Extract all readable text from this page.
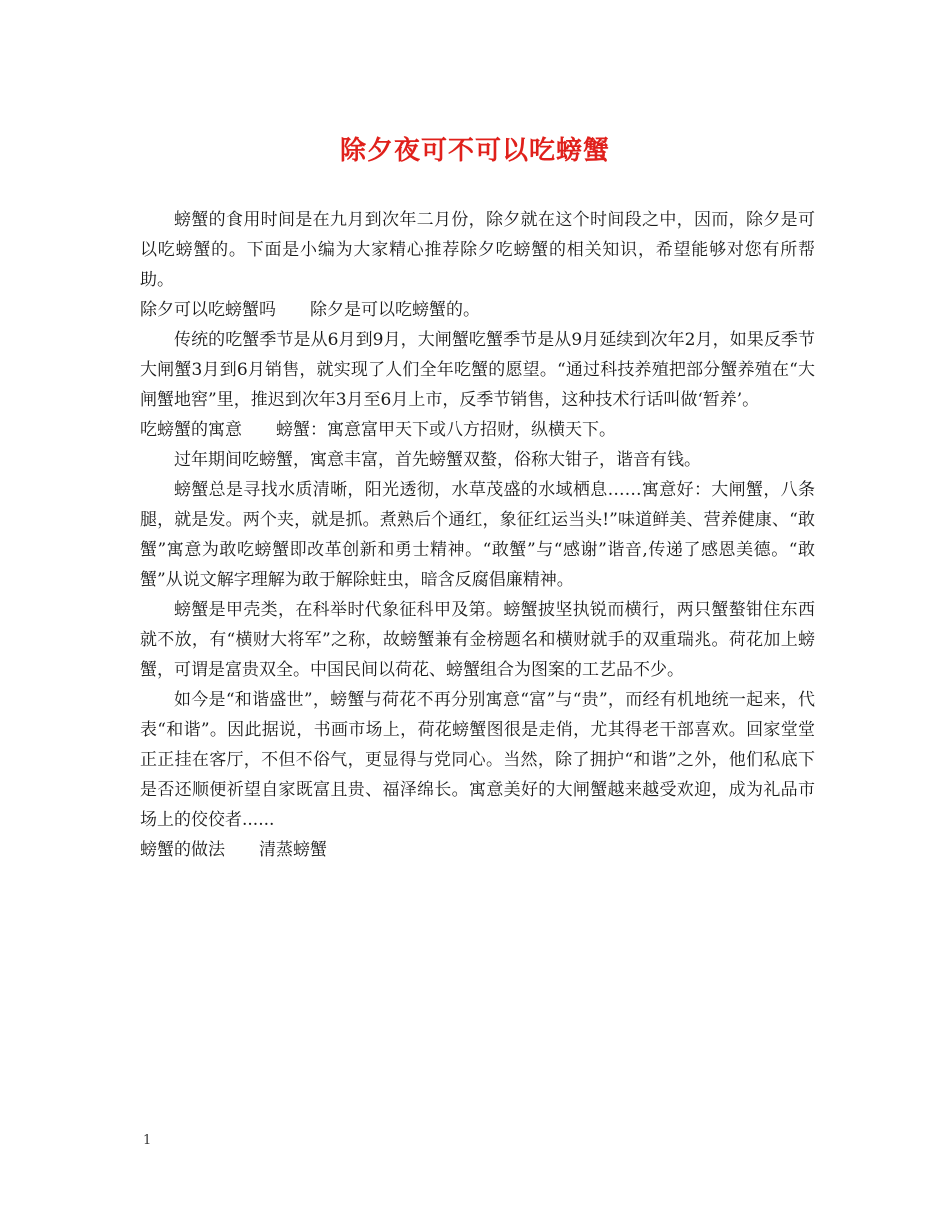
除夕夜可不可以吃螃蟹

螃蟹的食用时间是在九月到次年二月份，除夕就在这个时间段之中，因而，除夕是可以吃螃蟹的。下面是小编为大家精心推荐除夕吃螃蟹的相关知识，希望能够对您有所帮助。

除夕可以吃螃蟹吗 除夕是可以吃螃蟹的。

传统的吃蟹季节是从6月到9月，大闸蟹吃蟹季节是从9月延续到次年2月，如果反季节大闸蟹3月到6月销售，就实现了人们全年吃蟹的愿望。“通过科技养殖把部分蟹养殖在“大闸蟹地窖”里，推迟到次年3月至6月上市，反季节销售，这种技术行话叫做‘暂养’。

吃螃蟹的寓意 螃蟹：寓意富甲天下或八方招财，纵横天下。

过年期间吃螃蟹，寓意丰富，首先螃蟹双螯，俗称大钳子，谐音有钱。

螃蟹总是寻找水质清晰，阳光透彻，水草茂盛的水域栖息……寓意好：大闸蟹，八条腿，就是发。两个夹，就是抓。煮熟后个通红，象征红运当头!”味道鲜美、营养健康、“敢蟹”寓意为敢吃螃蟹即改革创新和勇士精神。“敢蟹”与“感谢”谐音,传递了感恩美德。“敢蟹”从说文解字理解为敢于解除蛀虫，暗含反腐倡廉精神。

螃蟹是甲壳类，在科举时代象征科甲及第。螃蟹披坚执锐而横行，两只蟹螯钳住东西就不放，有“横财大将军”之称，故螃蟹兼有金榜题名和横财就手的双重瑞兆。荷花加上螃蟹，可谓是富贵双全。中国民间以荷花、螃蟹组合为图案的工艺品不少。

如今是“和谐盛世”，螃蟹与荷花不再分别寓意“富”与“贵”，而经有机地统一起来，代表“和谐”。因此据说，书画市场上，荷花螃蟹图很是走俏，尤其得老干部喜欢。回家堂堂正正挂在客厅，不但不俗气，更显得与党同心。当然，除了拥护“和谐”之外，他们私底下是否还顺便祈望自家既富且贵、福泽绵长。寓意美好的大闸蟹越来越受欢迎，成为礼品市场上的佼佼者......

螃蟹的做法 清蒸螃蟹

1
